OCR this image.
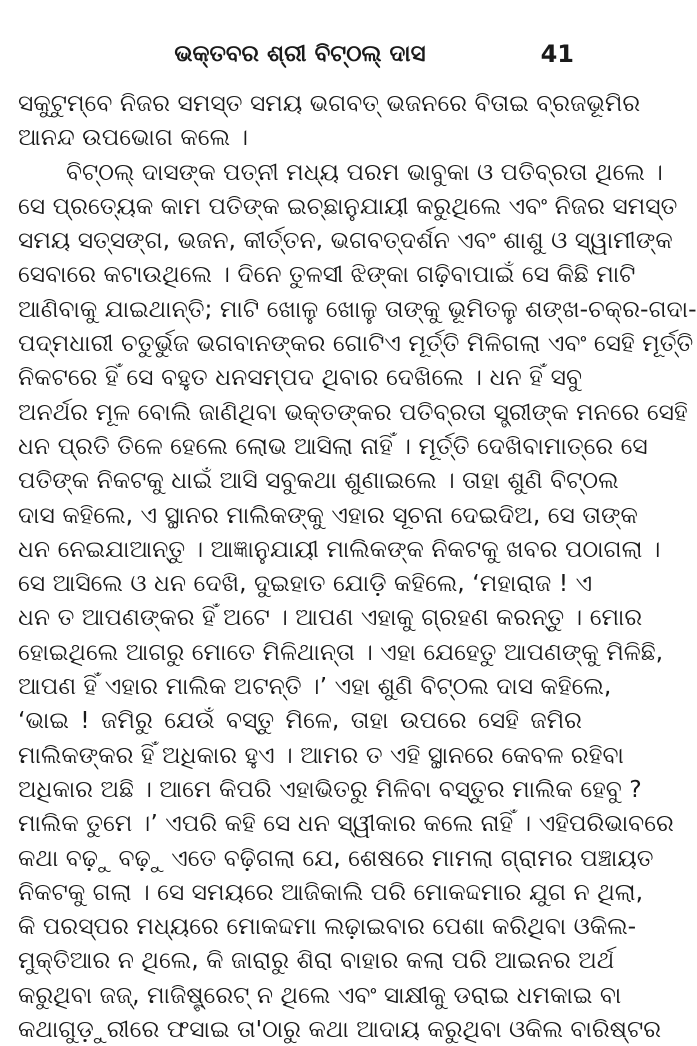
ଭକ୍ତବର ଶ୍ରୀ ବିଟ୍‌ଠଲ୍ ଦାସ	41
ସକୁଟୁମ୍ବେ ନିଜର ସମସ୍ତ ସମୟ ଭଗବତ୍ ଭଜନରେ ବିତାଇ ବ୍ରଜଭୂମିର
ଆନନ୍ଦ ଉପଭୋଗ କଲେ ।
ବିଟ୍‌ଠଲ୍ ଦାସଙ୍କ ପତ୍ନୀ ମଧ୍ୟ ପରମ ଭାବୁକା ଓ ପତିବ୍ରତା ଥିଲେ ।
ସେ ପ୍ରତ୍ୟେକ କାମ ପତିଙ୍କ ଇଚ୍ଛାନୁଯାୟୀ କରୁଥିଲେ ଏବଂ ନିଜର ସମସ୍ତ
ସମୟ ସତ୍‌ସଙ୍ଗ, ଭଜନ, କୀର୍ତ୍ତନ, ଭଗବତ୍‌ଦର୍ଶନ ଏବଂ ଶାଶୁ ଓ ସ୍ୱାମୀଙ୍କ
ସେବାରେ କଟାଉଥିଲେ । ଦିନେ ତୁଳସୀ ଝିଙ୍କା ଗଢ଼ିବାପାଇଁ ସେ କିଛି ମାଟି
ଆଣିବାକୁ ଯାଇଥାନ୍ତି; ମାଟି ଖୋଳୁ ଖୋଳୁ ତାଙ୍କୁ ଭୂମିତଳୁ ଶଙ୍ଖ-ଚକ୍ର-ଗଦା-
ପଦ୍ମଧାରୀ ଚତୁର୍ଭୁଜ ଭଗବାନଙ୍କର ଗୋଟିଏ ମୂର୍ତ୍ତି ମିଳିଗଲା ଏବଂ ସେହି ମୂର୍ତ୍ତି
ନିକଟରେ ହିଁ ସେ ବହୁତ ଧନସମ୍ପଦ ଥିବାର ଦେଖିଲେ । ଧନ ହିଁ ସବୁ
ଅନର୍ଥର ମୂଳ ବୋଲି ଜାଣିଥିବା ଭକ୍ତଙ୍କର ପତିବ୍ରତା ସ୍ତ୍ରୀଙ୍କ ମନରେ ସେହି
ଧନ ପ୍ରତି ତିଳେ ହେଲେ ଲୋଭ ଆସିଲା ନାହିଁ । ମୂର୍ତ୍ତି ଦେଖିବାମାତ୍ରେ ସେ
ପତିଙ୍କ ନିକଟକୁ ଧାଇଁ ଆସି ସବୁକଥା ଶୁଣାଇଲେ । ତାହା ଶୁଣି ବିଟ୍‌ଠଲ
ଦାସ କହିଲେ, ଏ ସ୍ଥାନର ମାଲିକଙ୍କୁ ଏହାର ସୂଚନା ଦେଇଦିଅ, ସେ ତାଙ୍କ
ଧନ ନେଇଯାଆନ୍ତୁ । ଆଜ୍ଞାନୁଯାୟୀ ମାଲିକଙ୍କ ନିକଟକୁ ଖବର ପଠାଗଲା ।
ସେ ଆସିଲେ ଓ ଧନ ଦେଖି, ଦୁଇହାତ ଯୋଡ଼ି କହିଲେ, ‘ମହାରାଜ ! ଏ
ଧନ ତ ଆପଣଙ୍କର ହିଁ ଅଟେ । ଆପଣ ଏହାକୁ ଗ୍ରହଣ କରନ୍ତୁ । ମୋର
ହୋଇଥିଲେ ଆଗରୁ ମୋତେ ମିଳିଥାନ୍ତା । ଏହା ଯେହେତୁ ଆପଣଙ୍କୁ ମିଳିଛି,
ଆପଣ ହିଁ ଏହାର ମାଲିକ ଅଟନ୍ତି ।’ ଏହା ଶୁଣି ବିଟ୍‌ଠଲ ଦାସ କହିଲେ,
‘ଭାଇ ! ଜମିରୁ ଯେଉଁ ବସ୍ତୁ ମିଳେ, ତାହା ଉପରେ ସେହି ଜମିର
ମାଲିକଙ୍କର ହିଁ ଅଧିକାର ହୁଏ । ଆମର ତ ଏହି ସ୍ଥାନରେ କେବଳ ରହିବା
ଅଧିକାର ଅଛି । ଆମେ କିପରି ଏହାଭିତରୁ ମିଳିବା ବସ୍ତୁର ମାଲିକ ହେବୁ ?
ମାଲିକ ତୁମେ ।’ ଏପରି କହି ସେ ଧନ ସ୍ୱୀକାର କଲେ ନାହିଁ । ଏହିପରିଭାବରେ
କଥା ବଢ଼ୁ ବଢ଼ୁ ଏତେ ବଢ଼ିଗଲା ଯେ, ଶେଷରେ ମାମଲା ଗ୍ରାମର ପଞ୍ଚାୟତ
ନିକଟକୁ ଗଲା । ସେ ସମୟରେ ଆଜିକାଲି ପରି ମୋକଦ୍ଦମାର ଯୁଗ ନ ଥିଲା,
କି ପରସ୍ପର ମଧ୍ୟରେ ମୋକଦ୍ଦମା ଲଢ଼ାଇବାର ପେଶା କରିଥିବା ଓକିଲ-
ମୁକ୍ତିଆର ନ ଥିଲେ, କି ଜାରାରୁ ଶିରା ବାହାର କଲା ପରି ଆଇନର ଅର୍ଥ
କରୁଥିବା ଜଜ୍, ମାଜିଷ୍ଟ୍ରେଟ୍ ନ ଥିଲେ ଏବଂ ସାକ୍ଷୀକୁ ଡରାଇ ଧମକାଇ ବା
କଥାଗୁଡ଼ୁରୀରେ ଫସାଇ ତା'ଠାରୁ କଥା ଆଦାୟ କରୁଥିବା ଓକିଲ ବାରିଷ୍ଟର
